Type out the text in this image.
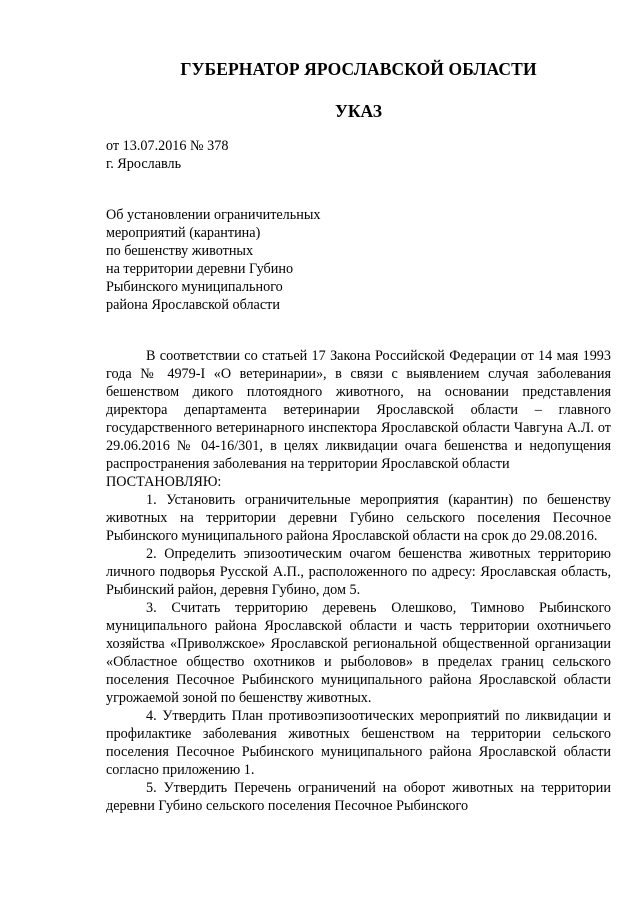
ГУБЕРНАТОР ЯРОСЛАВСКОЙ ОБЛАСТИ
УКАЗ
от 13.07.2016 № 378
г. Ярославль
Об установлении ограничительных
мероприятий (карантина)
по бешенству животных
на территории деревни Губино
Рыбинского муниципального
района Ярославской области

В соответствии со статьей 17 Закона Российской Федерации от 14 мая 1993 года № 4979-I «О ветеринарии», в связи с выявлением случая заболевания бешенством дикого плотоядного животного, на основании представления директора департамента ветеринарии Ярославской области – главного государственного ветеринарного инспектора Ярославской области Чавгуна А.Л. от 29.06.2016 № 04-16/301, в целях ликвидации очага бешенства и недопущения распространения заболевания на территории Ярославской области

ПОСТАНОВЛЯЮ:

1. Установить ограничительные мероприятия (карантин) по бешенству животных на территории деревни Губино сельского поселения Песочное Рыбинского муниципального района Ярославской области на срок до 29.08.2016.

2. Определить эпизоотическим очагом бешенства животных территорию личного подворья Русской А.П., расположенного по адресу: Ярославская область, Рыбинский район, деревня Губино, дом 5.

3. Считать территорию деревень Олешково, Тимново Рыбинского муниципального района Ярославской области и часть территории охотничьего хозяйства «Приволжское» Ярославской региональной общественной организации «Областное общество охотников и рыболовов» в пределах границ сельского поселения Песочное Рыбинского муниципального района Ярославской области угрожаемой зоной по бешенству животных.

4. Утвердить План противоэпизоотических мероприятий по ликвидации и профилактике заболевания животных бешенством на территории сельского поселения Песочное Рыбинского муниципального района Ярославской области согласно приложению 1.

5. Утвердить Перечень ограничений на оборот животных на территории деревни Губино сельского поселения Песочное Рыбинского
